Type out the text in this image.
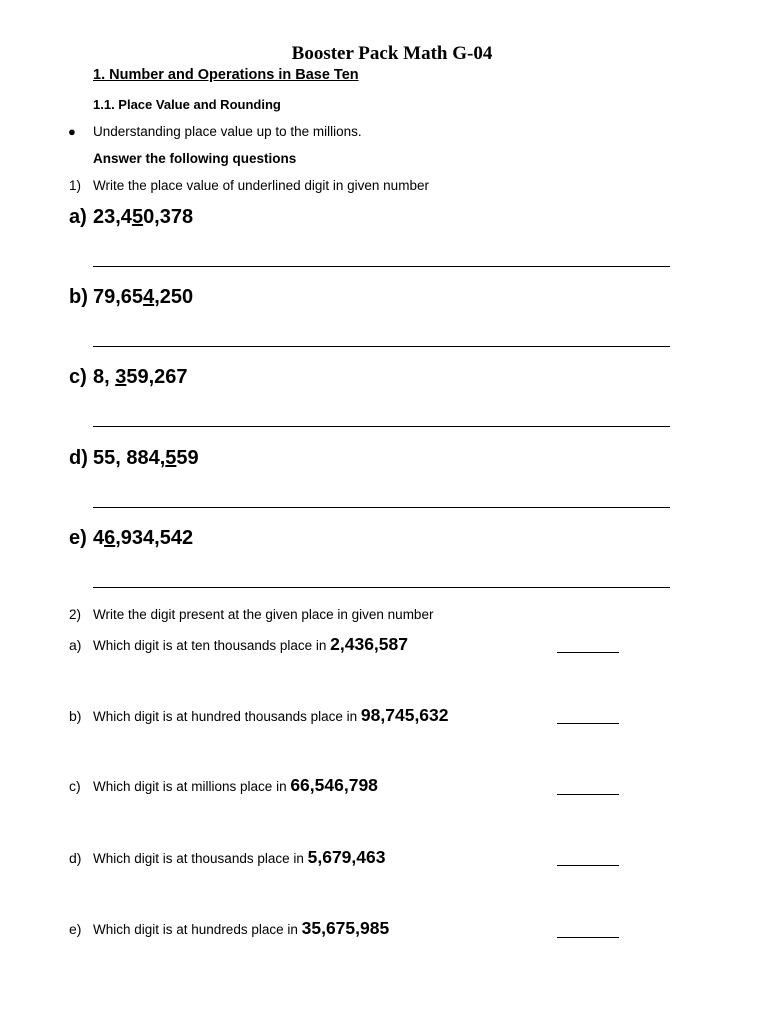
Booster Pack Math G-04
1. Number and Operations in Base Ten
1.1. Place Value and Rounding
● Understanding place value up to the millions.
Answer the following questions
1) Write the place value of underlined digit in given number
a) 23,450,378
b) 79,654,250
c) 8, 359,267
d) 55, 884,559
e) 46,934,542
2) Write the digit present at the given place in given number
a) Which digit is at ten thousands place in 2,436,587
b) Which digit is at hundred thousands place in 98,745,632
c) Which digit is at millions place in 66,546,798
d) Which digit is at thousands place in 5,679,463
e) Which digit is at hundreds place in 35,675,985
